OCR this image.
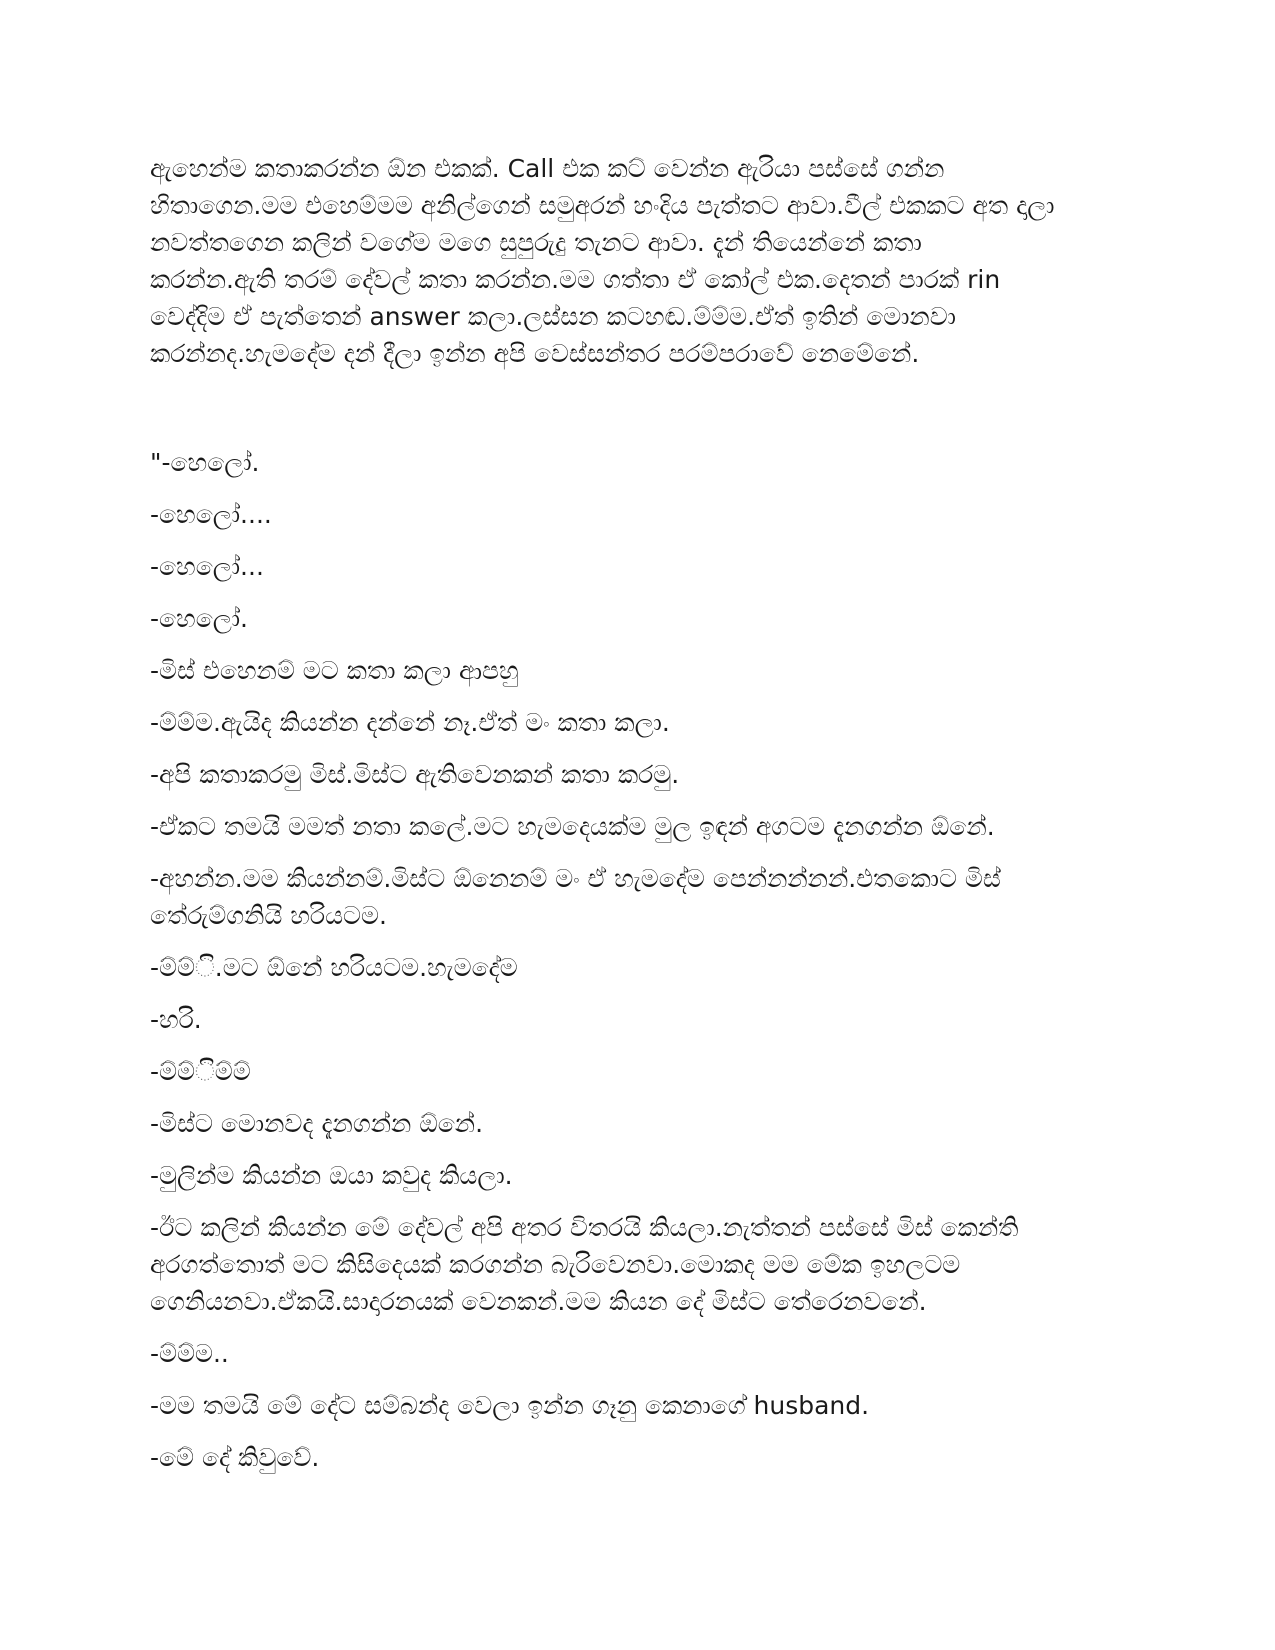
ඇහෙන්ම කතාකරන්න ඕන එකක්. Call එක කට් වෙන්න ඇරියා පස්සේ ගන්න
හිතාගෙන.මම එහෙම්මම අනිල්ගෙන් සමුඅරන් හංදිය පැත්තට ආවා.වීල් එකකට අත දාලා
නවත්තගෙන කලින් වගේම මගෙ සුපුරුදු තැනට ආවා. දැන් තියෙන්නේ කතා
කරන්න.ඇති තරම් දේවල් කතා කරන්න.මම ගත්තා ඒ කෝල් එක.දෙතන් පාරක් rin
වෙද්දිම ඒ පැත්තෙන් answer කලා.ලස්සන කටහඬ.ම්ම්ම.ඒත් ඉතින් මොනවා
කරන්නද.හැමදේම දන් දීලා ඉන්න අපි වෙස්සන්තර පරම්පරාවේ නෙමේනේ.

"-හෙලෝ.
-හෙලෝ....
-හෙලෝ...
-හෙලෝ.
-මිස් එහෙනම් මට කතා කලා ආපහු
-ම්ම්ම.ඇයිද කියන්න දන්නේ නෑ.ඒත් මං කතා කලා.
-අපි කතාකරමු මිස්.මිස්ට ඇතිවෙනකන් කතා කරමු.
-ඒකට තමයි මමත් නතා කලේ.මට හැමදෙයක්ම මුල ඉඳන් අගටම දැනගන්න ඕනේ.
-අහන්න.මම කියන්නම්.මිස්ට ඕනෙනම් මං ඒ හැමදේම පෙන්නන්නන්.එතකොට මිස් තේරුම්ගනියි හරියටම.
-ම්ම්ි.මට ඕනේ හරියටම.හැමදේම
-හරි.
-ම්ම්ිම්ම්
-මිස්ට මොනවද දැනගන්න ඕනේ.
-මුලින්ම කියන්න ඔයා කවුද කියලා.
-ඊට කලින් කියන්න මේ දේවල් අපි අතර විතරයි කියලා.නැත්තන් පස්සේ මිස් කෙන්ති අරගත්තොත් මට කිසිදෙයක් කරගන්න බැරිවෙනවා.මොකද මම මේක ඉහලටම ගෙනියනවා.ඒකයි.සාදාරනයක් වෙනකන්.මම කියන දේ මිස්ට තේරෙනවනේ.
-ම්ම්ම..
-මම තමයි මේ දේට සම්බන්ද වෙලා ඉන්න ගෑනු කෙනාගේ husband.
-මේ දේ කිවුවේ.
